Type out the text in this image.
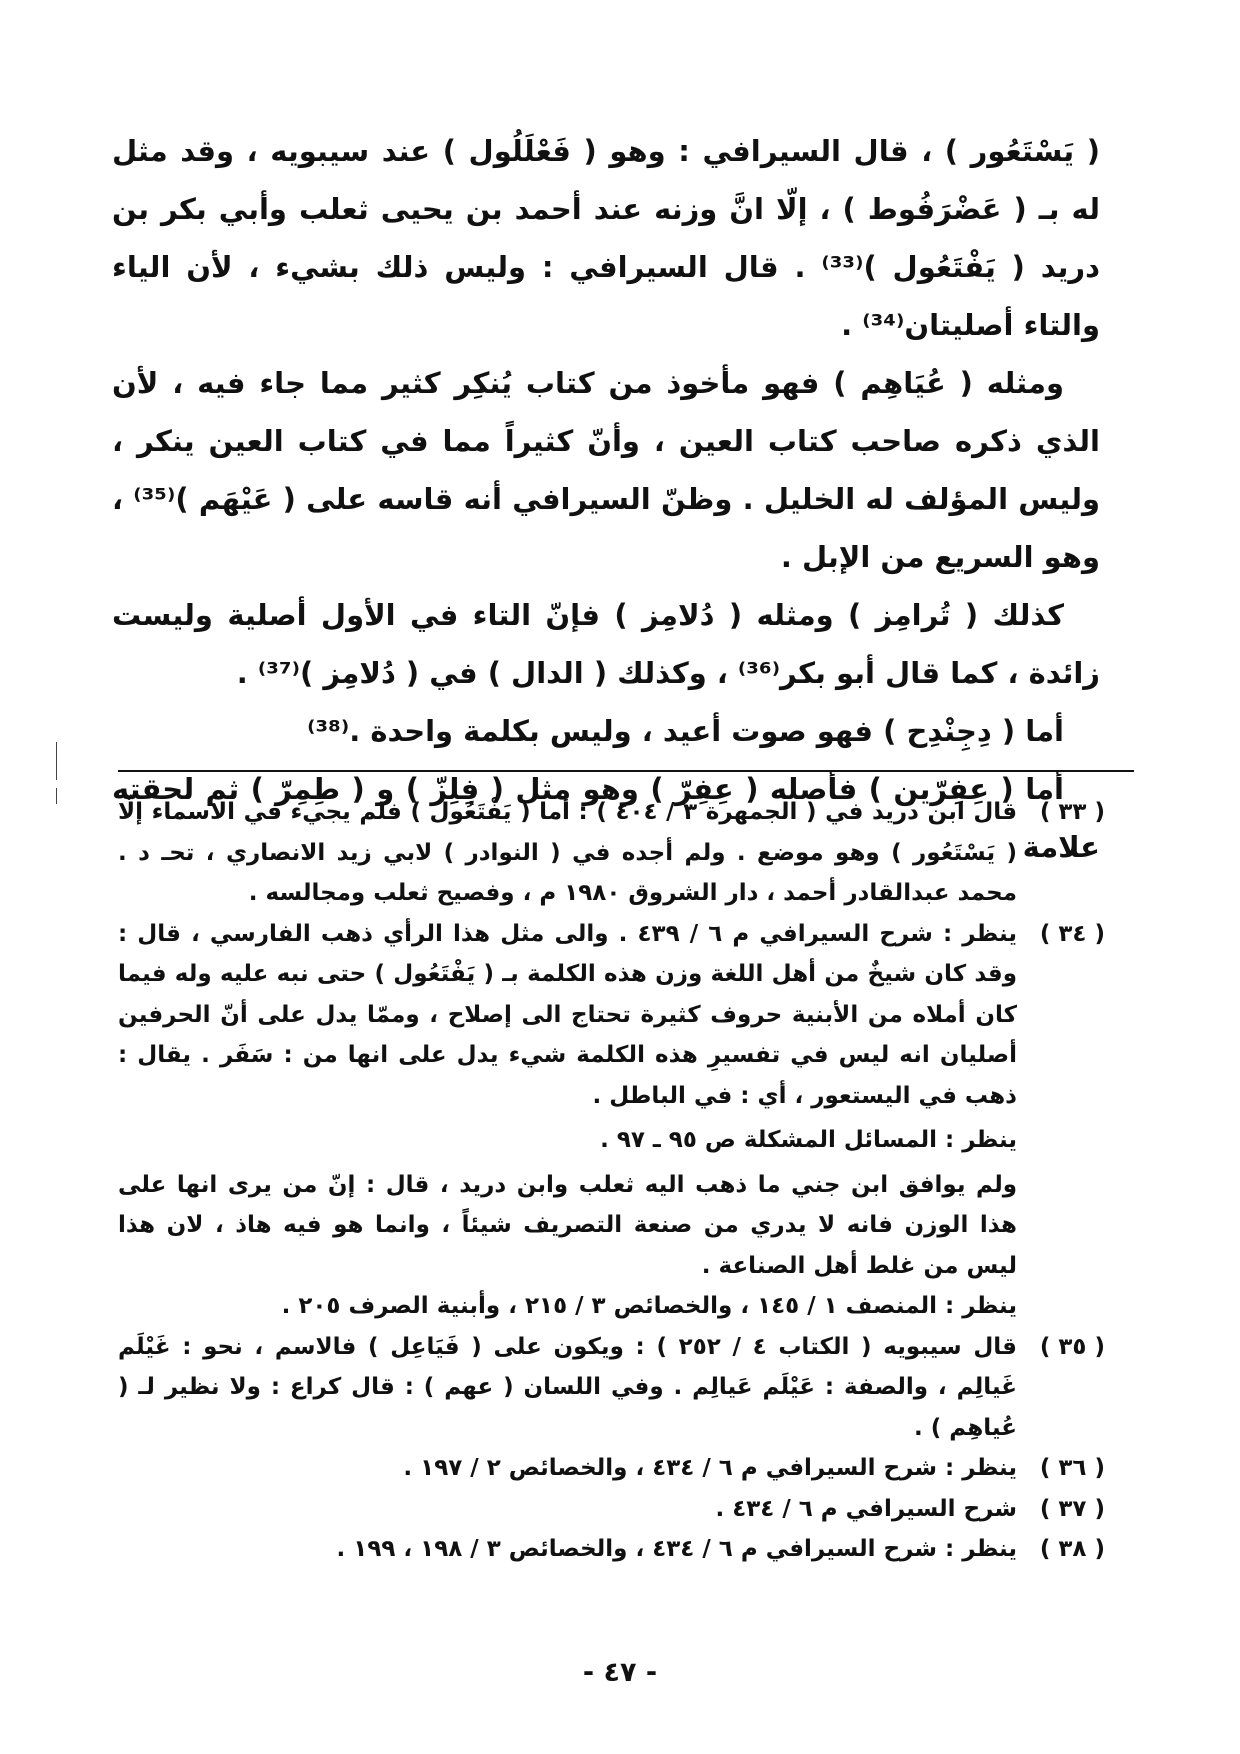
( يَسْتَعُور ) ، قال السيرافي : وهو ( فَعْلَلُول ) عند سيبويه ، وقد مثل له بـ ( عَضْرَفُوط ) ، إلّا انَّ وزنه عند أحمد بن يحيى ثعلب وأبي بكر بن دريد ( يَفْتَعُول )⁽³³⁾ . قال السيرافي : وليس ذلك بشيء ، لأن الياء والتاء أصليتان⁽³⁴⁾ .

ومثله ( عُيَاهِم ) فهو مأخوذ من كتاب يُنكِر كثير مما جاء فيه ، لأن الذي ذكره صاحب كتاب العين ، وأنّ كثيراً مما في كتاب العين ينكر ، وليس المؤلف له الخليل . وظنّ السيرافي أنه قاسه على ( عَيْهَم )⁽³⁵⁾ ، وهو السريع من الإبل .

كذلك ( تُرامِز ) ومثله ( دُلامِز ) فإنّ التاء في الأول أصلية وليست زائدة ، كما قال أبو بكر⁽³⁶⁾ ، وكذلك ( الدال ) في ( دُلامِز )⁽³⁷⁾ .

أما ( دِجِنْدِح ) فهو صوت أعيد ، وليس بكلمة واحدة .⁽³⁸⁾

أما ( عِفِرّين ) فأصله ( عِفِرّ ) وهو مثل ( فِلِزّ ) و ( طِمِرّ ) ثم لحقته علامة

( ٣٣ )

قال ابن دريد في ( الجمهرة ٣ / ٤٠٤ ) : أما ( يَفْتَعُول ) فلم يجيء في الاسماء إلّا ( يَسْتَعُور ) وهو موضع . ولم أجده في ( النوادر ) لابي زيد الانصاري ، تحـ د . محمد عبدالقادر أحمد ، دار الشروق ١٩٨٠ م ، وفصيح ثعلب ومجالسه .

( ٣٤ )

ينظر : شرح السيرافي م ٦ / ٤٣٩ . والى مثل هذا الرأي ذهب الفارسي ، قال : وقد كان شيخٌ من أهل اللغة وزن هذه الكلمة بـ ( يَفْتَعُول ) حتى نبه عليه وله فيما كان أملاه من الأبنية حروف كثيرة تحتاج الى إصلاح ، وممّا يدل على أنّ الحرفين أصليان انه ليس في تفسيرِ هذه الكلمة شيء يدل على انها من : سَفَر . يقال : ذهب في اليستعور ، أي : في الباطل .

ينظر : المسائل المشكلة ص ٩٥ ـ ٩٧ .

ولم يوافق ابن جني ما ذهب اليه ثعلب وابن دريد ، قال : إنّ من يرى انها على هذا الوزن فانه لا يدري من صنعة التصريف شيئاً ، وانما هو فيه هاذ ، لان هذا ليس من غلط أهل الصناعة .

ينظر : المنصف ١ / ١٤٥ ، والخصائص ٣ / ٢١٥ ، وأبنية الصرف ٢٠٥ .

( ٣٥ )

قال سيبويه ( الكتاب ٤ / ٢٥٢ ) : ويكون على ( فَيَاعِل ) فالاسم ، نحو : غَيْلَم غَيالِم ، والصفة : عَيْلَم عَيالِم . وفي اللسان ( عهم ) : قال كراع : ولا نظير لـ ( عُياهِم ) .

( ٣٦ )

ينظر : شرح السيرافي م ٦ / ٤٣٤ ، والخصائص ٢ / ١٩٧ .

( ٣٧ )

شرح السيرافي م ٦ / ٤٣٤ .

( ٣٨ )

ينظر : شرح السيرافي م ٦ / ٤٣٤ ، والخصائص ٣ / ١٩٨ ، ١٩٩ .

- ٤٧ -
